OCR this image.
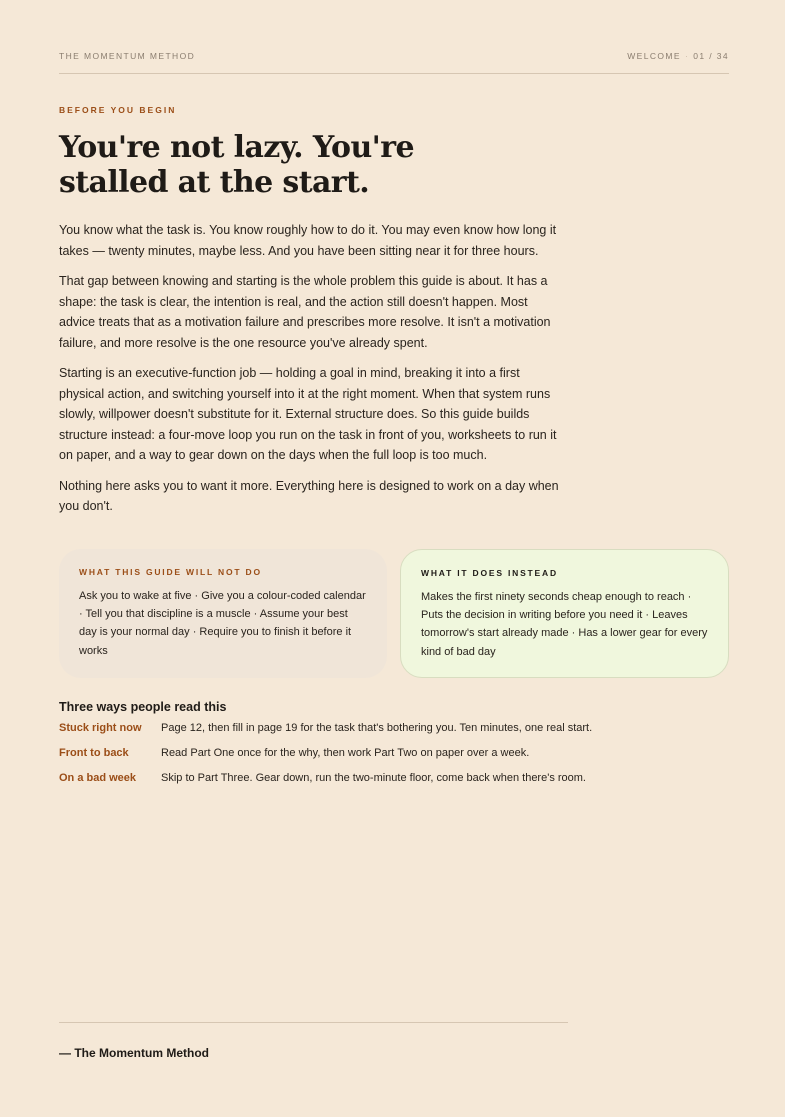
THE MOMENTUM METHOD	WELCOME · 01 / 34
BEFORE YOU BEGIN
You're not lazy. You're stalled at the start.

You know what the task is. You know roughly how to do it. You may even know how long it takes — twenty minutes, maybe less. And you have been sitting near it for three hours.

That gap between knowing and starting is the whole problem this guide is about. It has a shape: the task is clear, the intention is real, and the action still doesn't happen. Most advice treats that as a motivation failure and prescribes more resolve. It isn't a motivation failure, and more resolve is the one resource you've already spent.

Starting is an executive-function job — holding a goal in mind, breaking it into a first physical action, and switching yourself into it at the right moment. When that system runs slowly, willpower doesn't substitute for it. External structure does. So this guide builds structure instead: a four-move loop you run on the task in front of you, worksheets to run it on paper, and a way to gear down on the days when the full loop is too much.

Nothing here asks you to want it more. Everything here is designed to work on a day when you don't.

WHAT THIS GUIDE WILL NOT DO
Ask you to wake at five · Give you a colour-coded calendar · Tell you that discipline is a muscle · Assume your best day is your normal day · Require you to finish it before it works
WHAT IT DOES INSTEAD
Makes the first ninety seconds cheap enough to reach · Puts the decision in writing before you need it · Leaves tomorrow's start already made · Has a lower gear for every kind of bad day
Three ways people read this
Stuck right now Page 12, then fill in page 19 for the task that's bothering you. Ten minutes, one real start.
Front to back	Read Part One once for the why, then work Part Two on paper over a week.
On a bad week Skip to Part Three. Gear down, run the two-minute floor, come back when there's room.
— The Momentum Method
